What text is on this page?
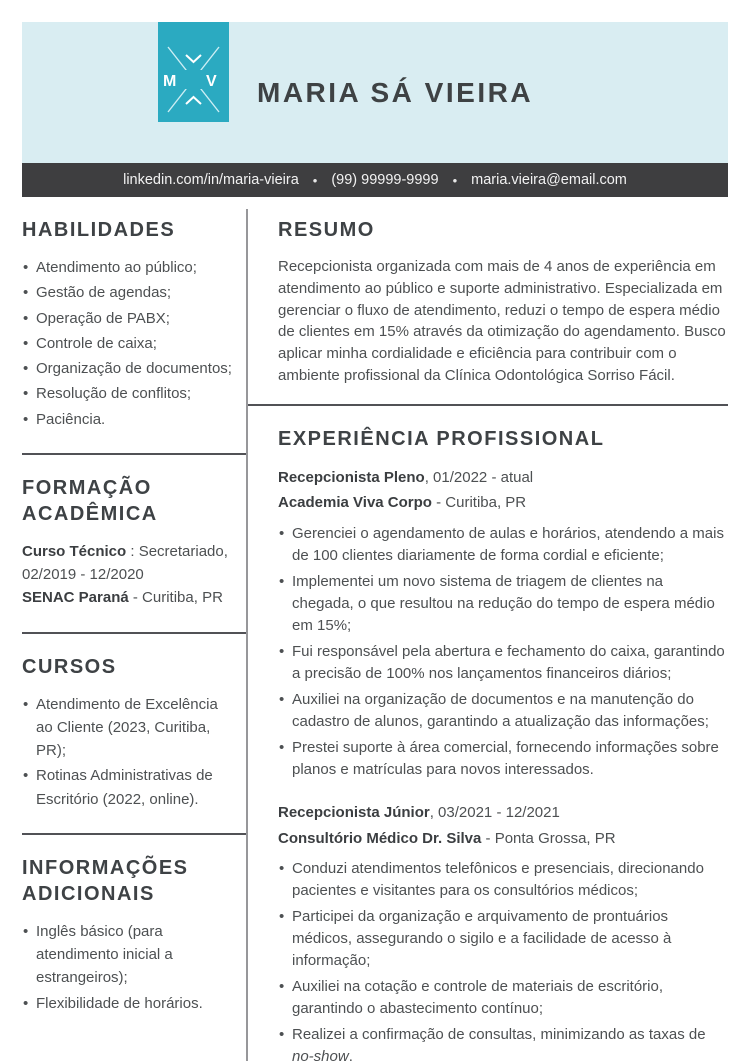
M V MARIA SÁ VIEIRA
linkedin.com/in/maria-vieira • (99) 99999-9999 • maria.vieira@email.com
HABILIDADES
• Atendimento ao público;
• Gestão de agendas;
• Operação de PABX;
• Controle de caixa;
• Organização de documentos;
• Resolução de conflitos;
• Paciência.
FORMAÇÃO ACADÊMICA

Curso Técnico : Secretariado,

02/2019 - 12/2020

SENAC Paraná - Curitiba, PR

CURSOS
• Atendimento de Excelência ao Cliente (2023, Curitiba, PR);
• Rotinas Administrativas de Escritório (2022, online).
INFORMAÇÕES ADICIONAIS
• Inglês básico (para atendimento inicial a estrangeiros);
• Flexibilidade de horários.
RESUMO

Recepcionista organizada com mais de 4 anos de experiência em atendimento ao público e suporte administrativo. Especializada em gerenciar o fluxo de atendimento, reduzi o tempo de espera médio de clientes em 15% através da otimização do agendamento. Busco aplicar minha cordialidade e eficiência para contribuir com o ambiente profissional da Clínica Odontológica Sorriso Fácil.

EXPERIÊNCIA PROFISSIONAL

Recepcionista Pleno, 01/2022 - atual

Academia Viva Corpo - Curitiba, PR

• Gerenciei o agendamento de aulas e horários, atendendo a mais de 100 clientes diariamente de forma cordial e eficiente;
• Implementei um novo sistema de triagem de clientes na chegada, o que resultou na redução do tempo de espera médio em 15%;
• Fui responsável pela abertura e fechamento do caixa, garantindo a precisão de 100% nos lançamentos financeiros diários;
• Auxiliei na organização de documentos e na manutenção do cadastro de alunos, garantindo a atualização das informações;
• Prestei suporte à área comercial, fornecendo informações sobre planos e matrículas para novos interessados.

Recepcionista Júnior, 03/2021 - 12/2021

Consultório Médico Dr. Silva - Ponta Grossa, PR

• Conduzi atendimentos telefônicos e presenciais, direcionando pacientes e visitantes para os consultórios médicos;
• Participei da organização e arquivamento de prontuários médicos, assegurando o sigilo e a facilidade de acesso à informação;
• Auxiliei na cotação e controle de materiais de escritório, garantindo o abastecimento contínuo;
• Realizei a confirmação de consultas, minimizando as taxas de no-show.
